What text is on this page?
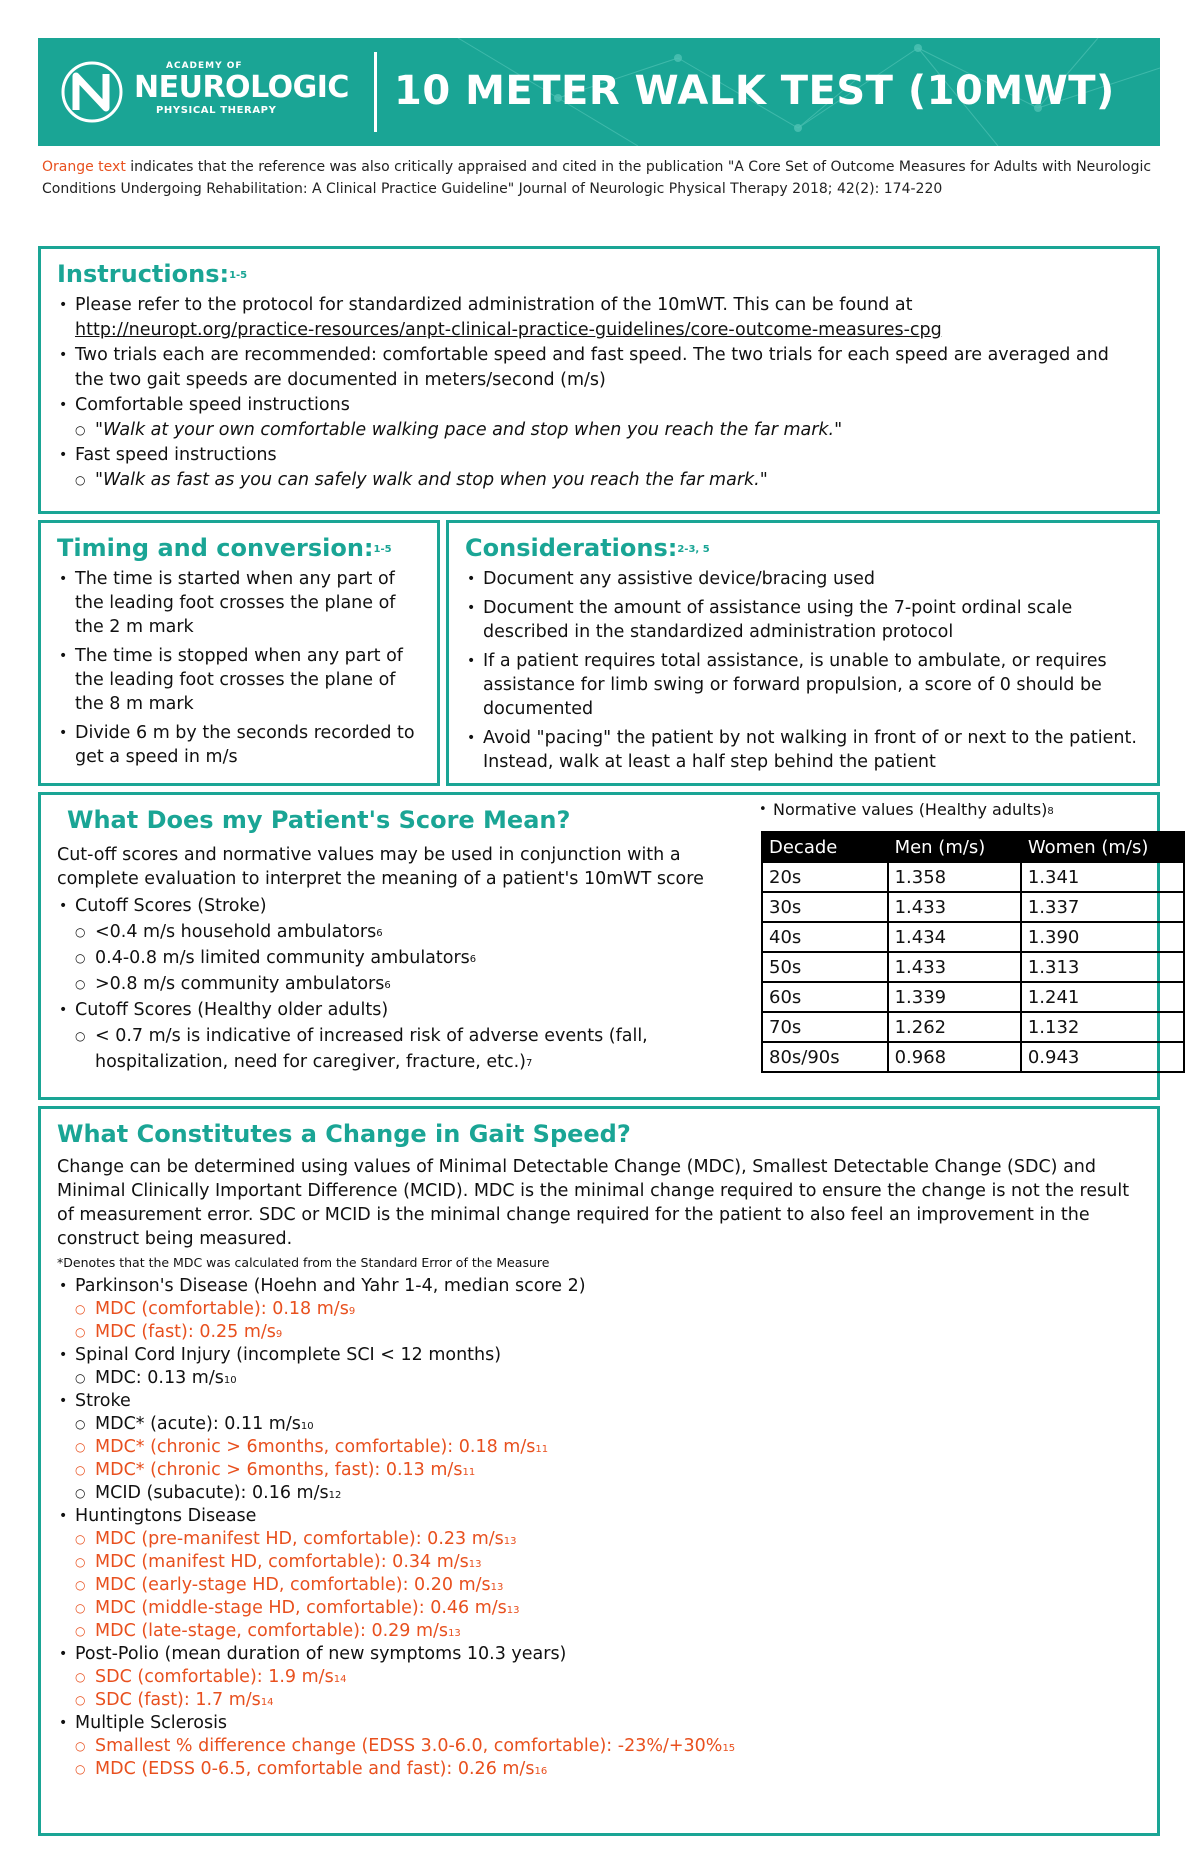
ACADEMY OF
NEUROLOGIC
PHYSICAL THERAPY	10 METER WALK TEST (10MWT)
Orange text indicates that the reference was also critically appraised and cited in the publication "A Core Set of Outcome Measures for Adults with Neurologic Conditions Undergoing Rehabilitation: A Clinical Practice Guideline" Journal of Neurologic Physical Therapy 2018; 42(2): 174-220
Instructions:$^{1-5}$
• Please refer to the protocol for standardized administration of the 10mWT. This can be found at
http://neuropt.org/practice-resources/anpt-clinical-practice-guidelines/core-outcome-measures-cpg
• Two trials each are recommended: comfortable speed and fast speed. The two trials for each speed are averaged and the two gait speeds are documented in meters/second (m/s)
• Comfortable speed instructions
○ "Walk at your own comfortable walking pace and stop when you reach the far mark."
• Fast speed instructions
○ "Walk as fast as you can safely walk and stop when you reach the far mark."
Timing and conversion:$^{1-5}$
• The time is started when any part of the leading foot crosses the plane of the 2 m mark
• The time is stopped when any part of the leading foot crosses the plane of the 8 m mark
• Divide 6 m by the seconds recorded to get a speed in m/s
Considerations:$^{2-3, 5}$
• Document any assistive device/bracing used
• Document the amount of assistance using the 7-point ordinal scale described in the standardized administration protocol
• If a patient requires total assistance, is unable to ambulate, or requires assistance for limb swing or forward propulsion, a score of 0 should be documented
• Avoid "pacing" the patient by not walking in front of or next to the patient. Instead, walk at least a half step behind the patient
What Does my Patient's Score Mean?

Cut-off scores and normative values may be used in conjunction with a complete evaluation to interpret the meaning of a patient's 10mWT score

• Cutoff Scores (Stroke)
○ <0.4 m/s household ambulators$^6$
○ 0.4-0.8 m/s limited community ambulators$^6$
○ >0.8 m/s community ambulators$^6$
• Cutoff Scores (Healthy older adults)
○ < 0.7 m/s is indicative of increased risk of adverse events (fall, hospitalization, need for caregiver, fracture, etc.)$^7$
• Normative values (Healthy adults)$^8$
Decade	Men (m/s)	Women (m/s)
20s	1.358	1.341
30s	1.433	1.337
40s	1.434	1.390
50s	1.433	1.313
60s	1.339	1.241
70s	1.262	1.132
80s/90s	0.968	0.943
What Constitutes a Change in Gait Speed?

Change can be determined using values of Minimal Detectable Change (MDC), Smallest Detectable Change (SDC) and Minimal Clinically Important Difference (MCID). MDC is the minimal change required to ensure the change is not the result of measurement error. SDC or MCID is the minimal change required for the patient to also feel an improvement in the construct being measured.

*Denotes that the MDC was calculated from the Standard Error of the Measure

• Parkinson's Disease (Hoehn and Yahr 1-4, median score 2)
○ MDC (comfortable): 0.18 $m/s^9$
○ MDC (fast): 0.25 $m/s^9$
• Spinal Cord Injury (incomplete SCI < 12 months)
○ MDC: 0.13 $m/s^{10}$
• Stroke
○ MDC* (acute): 0.11 $m/s^{10}$
○ MDC* (chronic > 6months, comfortable): 0.18 $m/s^{11}$
○ MDC* (chronic > 6months, fast): 0.13 $m/s^{11}$
○ MCID (subacute): 0.16 $m/s^{12}$
• Huntingtons Disease
○ MDC (pre-manifest HD, comfortable): 0.23 $m/s^{13}$
○ MDC (manifest HD, comfortable): 0.34 $m/s^{13}$
○ MDC (early-stage HD, comfortable): 0.20 $m/s^{13}$
○ MDC (middle-stage HD, comfortable): 0.46 $m/s^{13}$
○ MDC (late-stage, comfortable): 0.29 $m/s^{13}$
• Post-Polio (mean duration of new symptoms 10.3 years)
○ SDC (comfortable): 1.9 $m/s^{14}$
○ SDC (fast): 1.7 $m/s^{14}$
• Multiple Sclerosis
○ Smallest % difference change (EDSS 3.0-6.0, comfortable): -23%/+30%$^{15}$
○ MDC (EDSS 0-6.5, comfortable and fast): 0.26 $m/s^{16}$
